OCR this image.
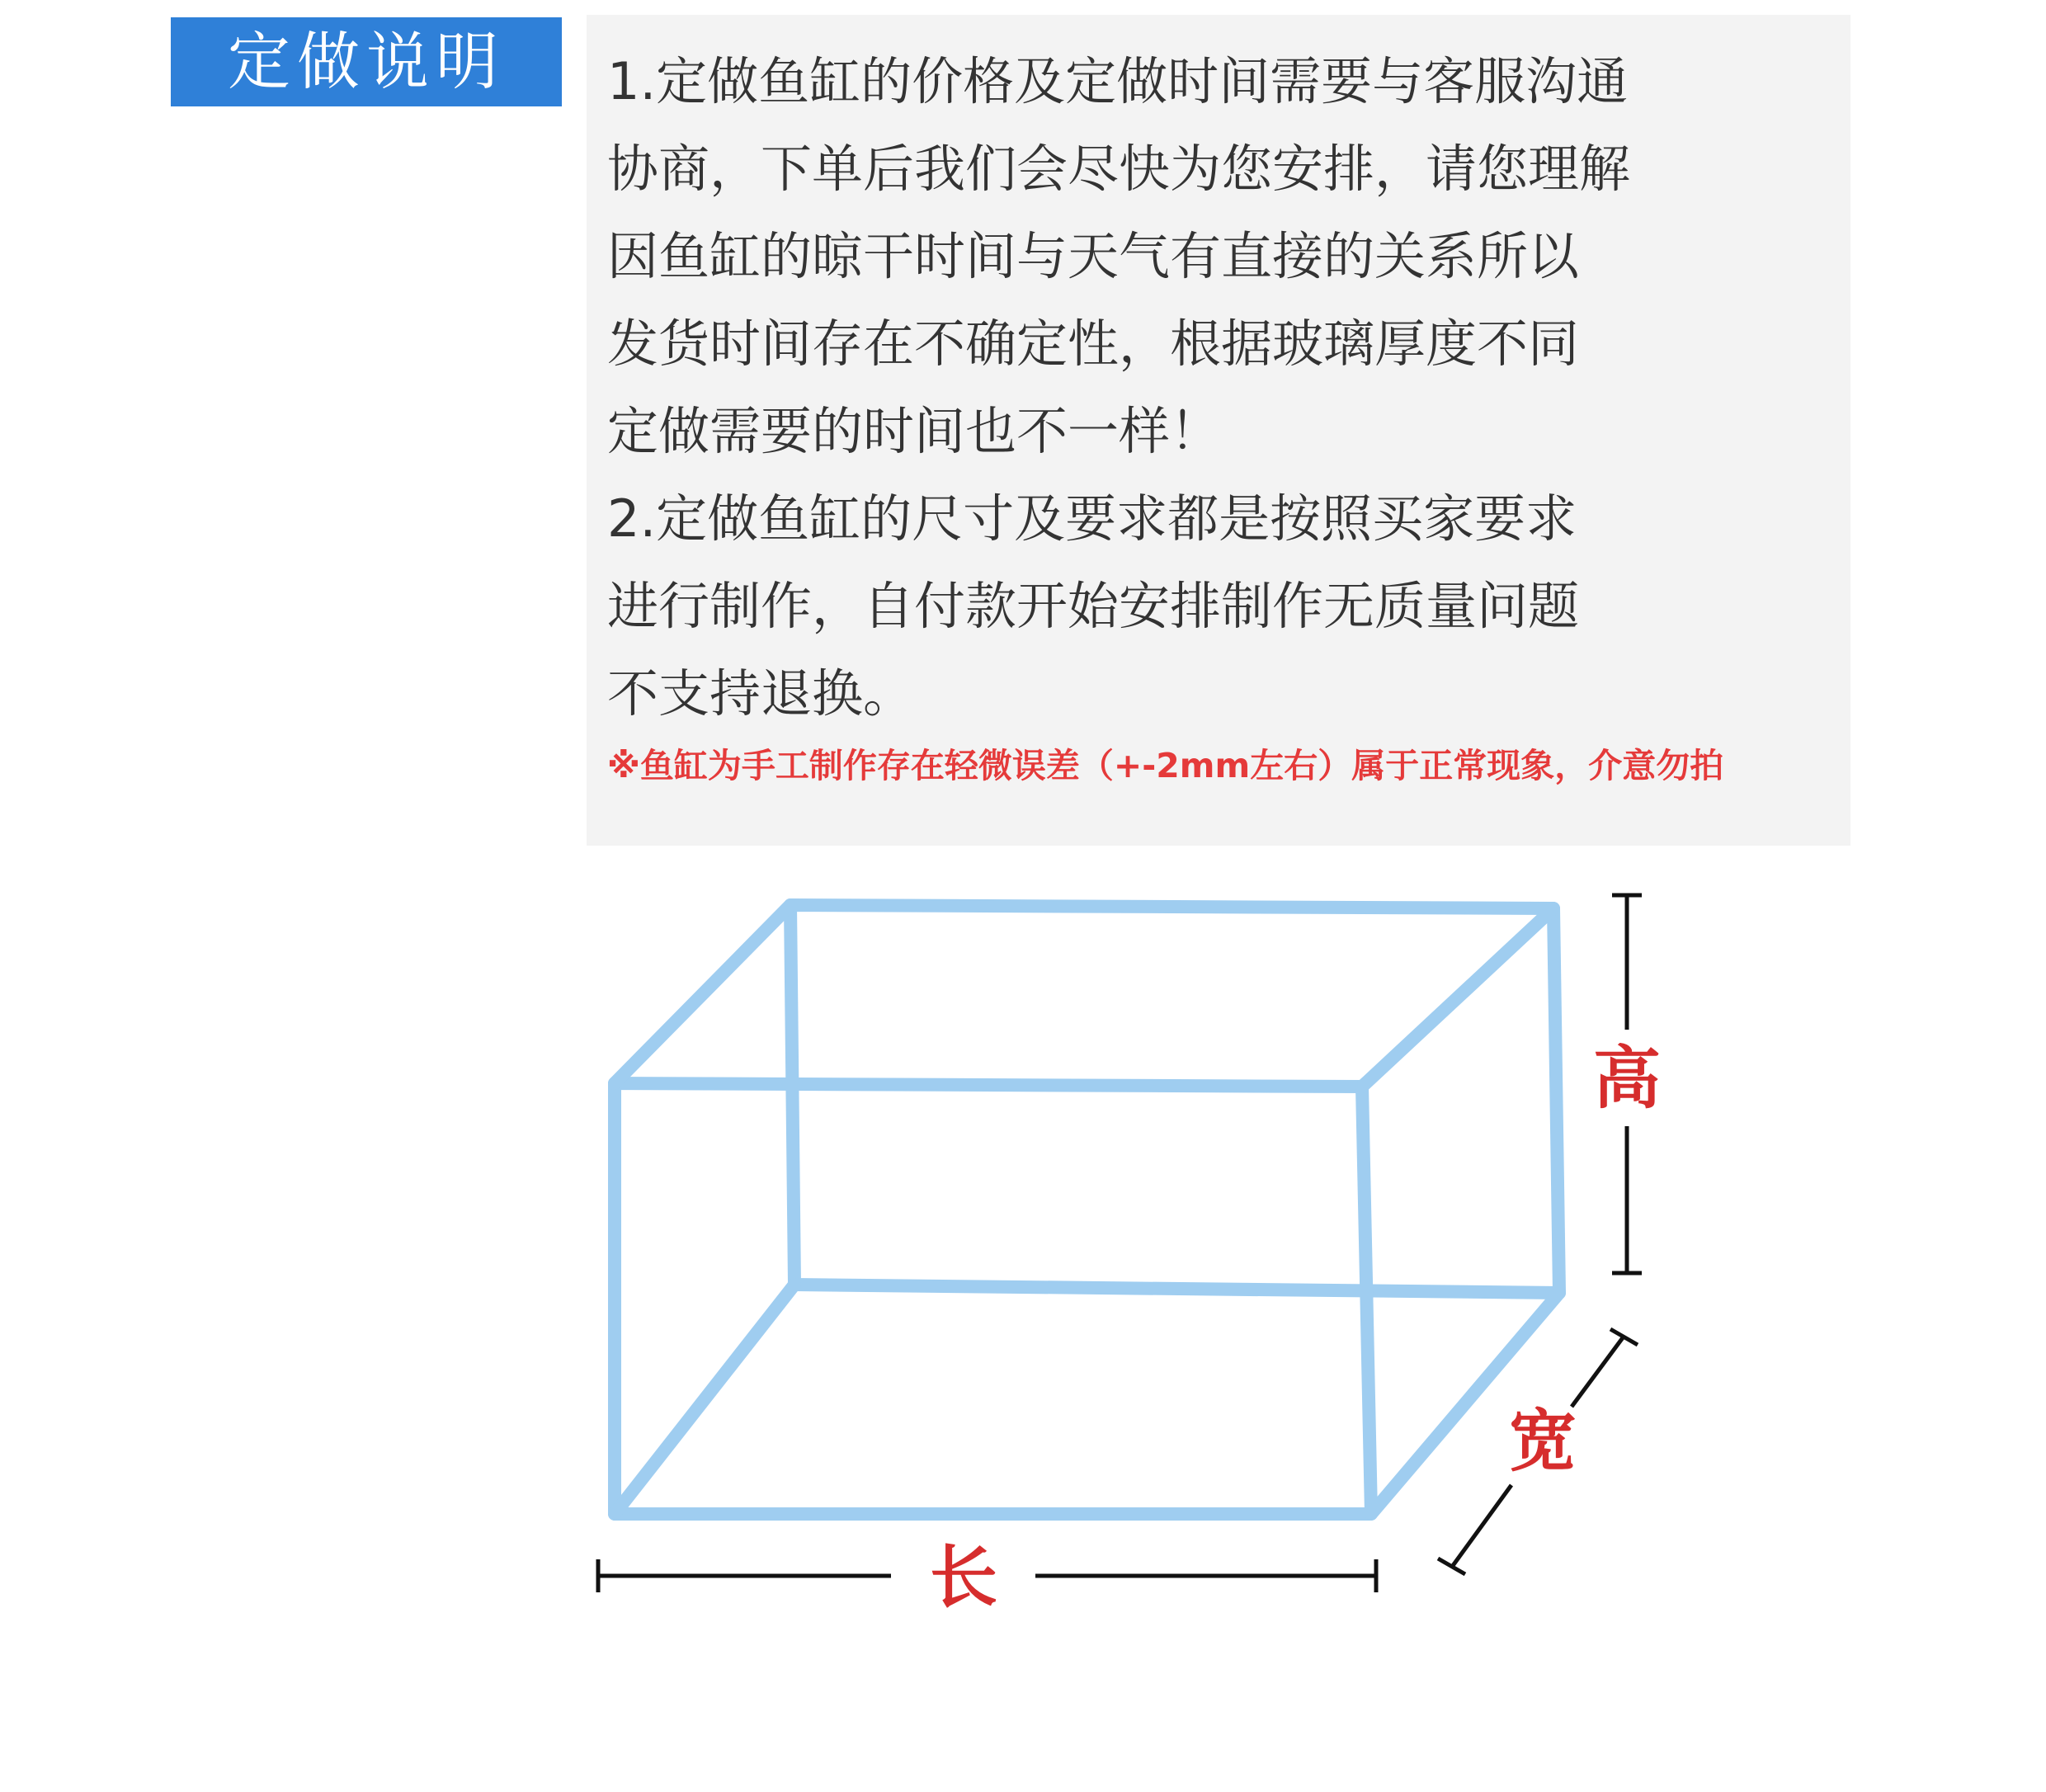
定做说明	1.定做鱼缸的价格及定做时间需要与客服沟通
协商，下单后我们会尽快为您安排，请您理解
因鱼缸的晾干时间与天气有直接的关系所以
发货时间存在不确定性，根据玻璃厚度不同
定做需要的时间也不一样！
2.定做鱼缸的尺寸及要求都是按照买家要求
进行制作，自付款开始安排制作无质量问题
不支持退换。

※鱼缸为手工制作存在轻微误差（+-2mm左右）属于正常现象，介意勿拍

高
宽
长
